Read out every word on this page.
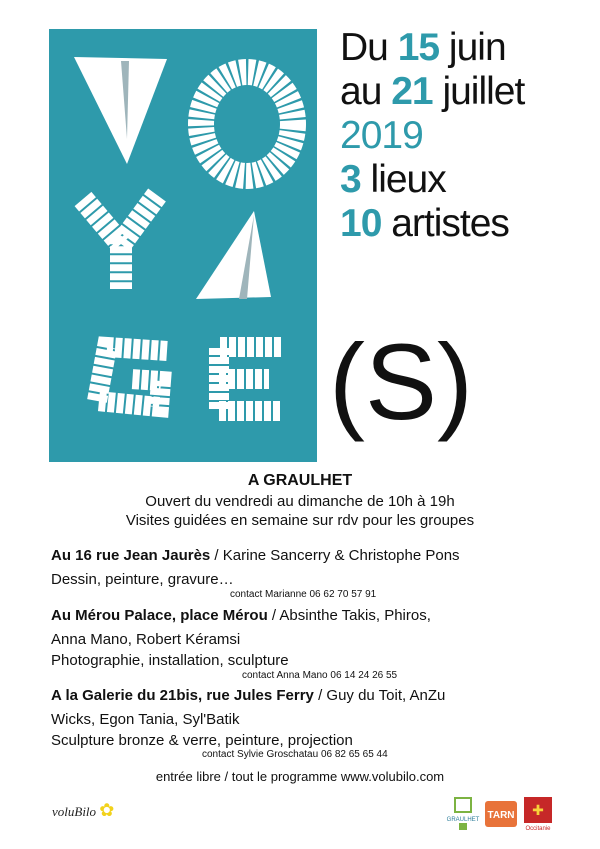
Du 15 juin
au 21 juillet
2019
3 lieux
10 artistes
(S)
A GRAULHET
Ouvert du vendredi au dimanche de 10h à 19h
Visites guidées en semaine sur rdv pour les groupes
Au 16 rue Jean Jaurès / Karine Sancerry & Christophe Pons
Dessin, peinture, gravure…
contact Marianne 06 62 70 57 91
Au Mérou Palace, place Mérou / Absinthe Takis, Phiros,
Anna Mano, Robert Kéramsi
Photographie, installation, sculpture
contact Anna Mano 06 14 24 26 55
A la Galerie du 21bis, rue Jules Ferry / Guy du Toit, AnZu
Wicks, Egon Tania, Syl'Batik
Sculpture bronze & verre, peinture, projection
contact Sylvie Groschatau 06 82 65 65 44
entrée libre / tout le programme www.volubilo.com
voluBilo ✿	GRAULHET TARN ✚
Occitanie
